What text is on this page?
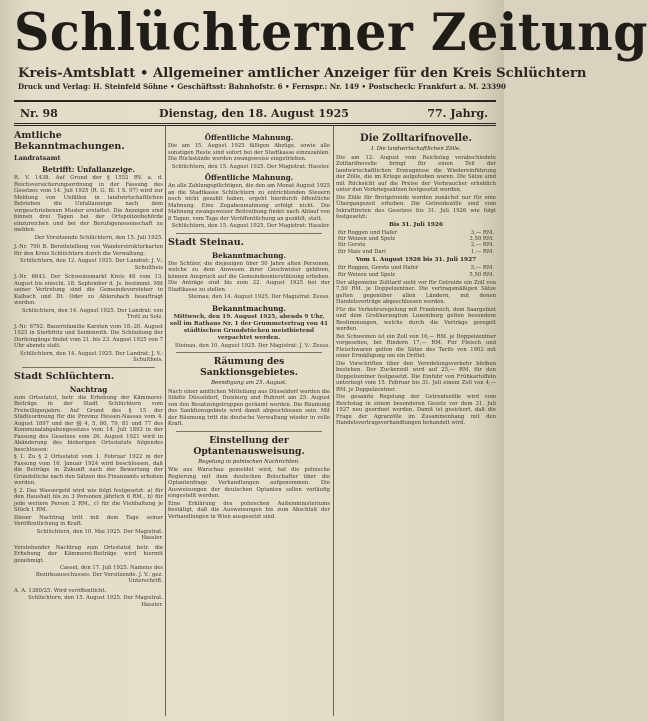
Schlüchterner Zeitung
Kreis-Amtsblatt • Allgemeiner amtlicher Anzeiger für den Kreis Schlüchtern
Druck und Verlag: H. Steinfeld Söhne • Geschäftsst: Bahnhofstr. 6 • Fernspr.: Nr. 149 • Postscheck: Frankfurt a. M. 23390
Nr. 98	Dienstag, den 18. August 1925	77. Jahrg.
Amtliche Bekanntmachungen.
Landratsamt
Betrifft: Unfallanzeige.

R. V. 1438. Auf Grund der § 1552 RV. a. d. Reichsversicherungsordnung in der Fassung des Gesetzes vom 14. Juli 1925 (R. G. Bl. I S. 97) wird zur Meldung von Unfällen in landwirtschaftlichen Betrieben die Unfallanzeige nach dem vorgeschriebenen Muster erstattet. Die Anzeigen sind binnen drei Tagen bei der Ortspolizeibehörde einzureichen und bei der Berufsgenossenschaft zu melden.

Der Vorsitzende Schlüchtern, den 15. Juli 1925.

J.-Nr. 790 B. Bereitstellung von Wanderstrukturkarten für den Kreis Schlüchtern durch die Verwaltung.

Schlüchtern, den 12. August 1925. Der Landrat: J. V.: Schultheis

J.-Nr. 6643. Der Schweinemarkt Kreis 48 vom 13. August bis einschl. 18. September d. Js. bestimmt. Mit seiner Vertretung sind die Gemeindevorsteher in Kalbach und Dt. Oder zu Ahlersbach beauftragt worden.

Schlüchtern, den 14. August 1925. Der Landrat: von Trott zu Solz.

J.-Nr. 6792. Bauernfamilie Karsten vom 18.-20. August 1925 in Sterbfritz und Seidenroth. Die Schließung der Dorfeingänge findet vom 21. bis 23. August 1925 von 7 Uhr abends statt.

Schlüchtern, den 14. August 1925. Der Landrat: J. V.: Schultheis.
Stadt Schlüchtern.
Nachtrag

zum Ortsstatut, betr. die Erhebung der Kämmerei-Beiträge in der Stadt Schlüchtern vom Freiwilligenjahre. Auf Grund des § 15 der Städteordnung für die Provinz Hessen-Nassau vom 4. August 1897 und der §§ 4, 5, 80, 79, 81 und 77 des Kommunalabgabengesetzes vom 14. Juli 1893 in der Fassung des Gesetzes vom 26. August 1921 wird in Abänderung des bisherigen Ortsstatuts folgendes beschlossen:

§ 1. Zu § 2 Ortsstatut vom 1. Februar 1922 in der Fassung vom 16. Januar 1924 wird beschlossen, daß die Beiträge in Zukunft nach der Bewertung der Grundstücke nach den Sätzen des Finanzamts erhoben werden.

§ 2. Das Wassergeld wird wie folgt festgesetzt: a) für den Haushalt bis zu 3 Personen jährlich 6 RM., b) für jede weitere Person 2 RM., c) für die Viehhaltung je Stück 1 RM.

Dieser Nachtrag tritt mit dem Tage seiner Veröffentlichung in Kraft.

Schlüchtern, den 10. Mai 1925. Der Magistrat. Hassler.

Vorstehender Nachtrag zum Ortsstatut betr. die Erhebung der Kämmerei-Beiträge wird hiermit genehmigt.

Cassel, den 17. Juli 1925. Namens des Bezirksausschusses: Der Vorsitzende. J. V.: gez. Unterschrift.

A. A. 1380/25. Wird veröffentlicht.

Schlüchtern, den 15. August 1925. Der Magistrat. Hassler.
Öffentliche Mahnung.

Die am 15. August 1925 fälligen Abzüge, sowie alle sonstigen Reste sind sofort bei der Stadtkasse einzuzahlen. Die Rückstände werden zwangsweise eingetrieben.

Schlüchtern, den 15. August 1925. Der Magistrat: Hassler.
Öffentliche Mahnung.

An alle Zahlungspflichtigen, die den am Monat August 1925 an die Stadtkasse Schlüchtern zu entrichtenden Steuern noch nicht gezahlt haben, ergeht hierdurch öffentliche Mahnung. Eine Zugabenmahnung erfolgt nicht. Die Mahnung zwangsweiser Beitreibung findet nach Ablauf von 8 Tagen, vom Tage der Veröffentlichung an gezählt, statt.

Schlüchtern, den 15. August 1925. Der Magistrat: Hassler.
Stadt Steinau.
Bekanntmachung.

Die Schüler, die diejenigen über 50 Jahre alten Personen, welche zu dem Anwesen ihrer Geschwister gehören, können Anspruch auf die Gemeindeunterstützung erheben. Die Anträge sind bis zum 22. August 1925 bei der Stadtkasse zu stellen.

Steinau, den 14. August 1925. Der Magistrat: Zeuss.
Bekanntmachung.

Mittwoch, den 19. August 1925, abends 9 Uhr, soll im Rathaus Nr. 1 der Grummetertrag von 41 städtischen Grundstücken meistbietend verpachtet werden.

Steinau, den 10. August 1925. Der Magistrat: J. V.: Zeuss.
Räumung des Sanktionsgebietes.
Beendigung am 25. August.

Nach einer amtlichen Mitteilung aus Düsseldorf werden die Städte Düsseldorf, Duisburg und Ruhrort am 25. August von den Besatzungstruppen geräumt werden. Die Räumung des Sanktionsgebiets wird damit abgeschlossen sein. Mit der Räumung tritt die deutsche Verwaltung wieder in volle Kraft.

Einstellung der Optantenausweisung.
Regelung in polnischen Nachrichten.

Wie aus Warschau gemeldet wird, hat die polnische Regierung mit dem deutschen Botschafter über die Optantenfrage Verhandlungen aufgenommen. Die Ausweisungen der deutschen Optanten sollen vorläufig eingestellt werden.

Eine Erklärung des polnischen Außenministeriums bestätigt, daß die Ausweisungen bis zum Abschluß der Verhandlungen in Wien ausgesetzt sind.

Die Zolltarifnovelle.
I. Die landwirtschaftlichen Zölle.

Die am 12. August vom Reichstag verabschiedete Zolltarifnovelle bringt für einen Teil der landwirtschaftlichen Erzeugnisse die Wiedereinführung der Zölle, die im Kriege aufgehoben waren. Die Sätze sind mit Rücksicht auf die Preise der Verbraucher erheblich unter den Vorkriegssätzen festgesetzt worden.

Die Zölle für Brotgetreide werden zunächst nur für eine Übergangszeit erhoben. Die Getreidezölle sind vom Inkrafttreten des Gesetzes bis 31. Juli 1926 wie folgt festgesetzt:

Bis 31. Juli 1926
für Roggen und Hafer	3,— RM.
für Weizen und Spelz	3,50 RM.
für Gerste	2,— RM.
für Mais und Dari	1,— RM.
Vom 1. August 1926 bis 31. Juli 1927
für Roggen, Gerste und Hafer	5,— RM.
für Weizen und Spelz	5,50 RM.

Der allgemeine Zolltarif sieht vor für Getreide ein Zoll von 7,50 RM. je Doppelzentner. Die vertragsmäßigen Sätze gelten gegenüber allen Ländern, mit denen Handelsverträge abgeschlossen werden.

Für die Verkehrsregelung mit Frankreich, dem Saargebiet und dem Großherzogtum Luxemburg gelten besondere Bestimmungen, welche durch die Verträge geregelt werden.

Bei Schweinen ist ein Zoll von 16,— RM. je Doppelzentner vorgesehen, bei Rindern 17,— RM. Für Fleisch und Fleischwaren gelten die Sätze des Tarifs von 1902 mit einer Ermäßigung um ein Drittel.

Die Vorschriften über den Veredelungsverkehr bleiben bestehen. Der Zuckerzoll wird auf 25,— RM. für den Doppelzentner festgesetzt. Die Einfuhr von Frühkartoffeln unterliegt vom 15. Februar bis 31. Juli einem Zoll von 4,— RM. je Doppelzentner.

Die gesamte Regelung der Getreidezölle wird vom Reichstag in einem besonderen Gesetz vor dem 31. Juli 1927 neu geordnet werden. Damit ist gesichert, daß die Frage der Agrarzölle im Zusammenhang mit den Handelsvertragsverhandlungen behandelt wird.
